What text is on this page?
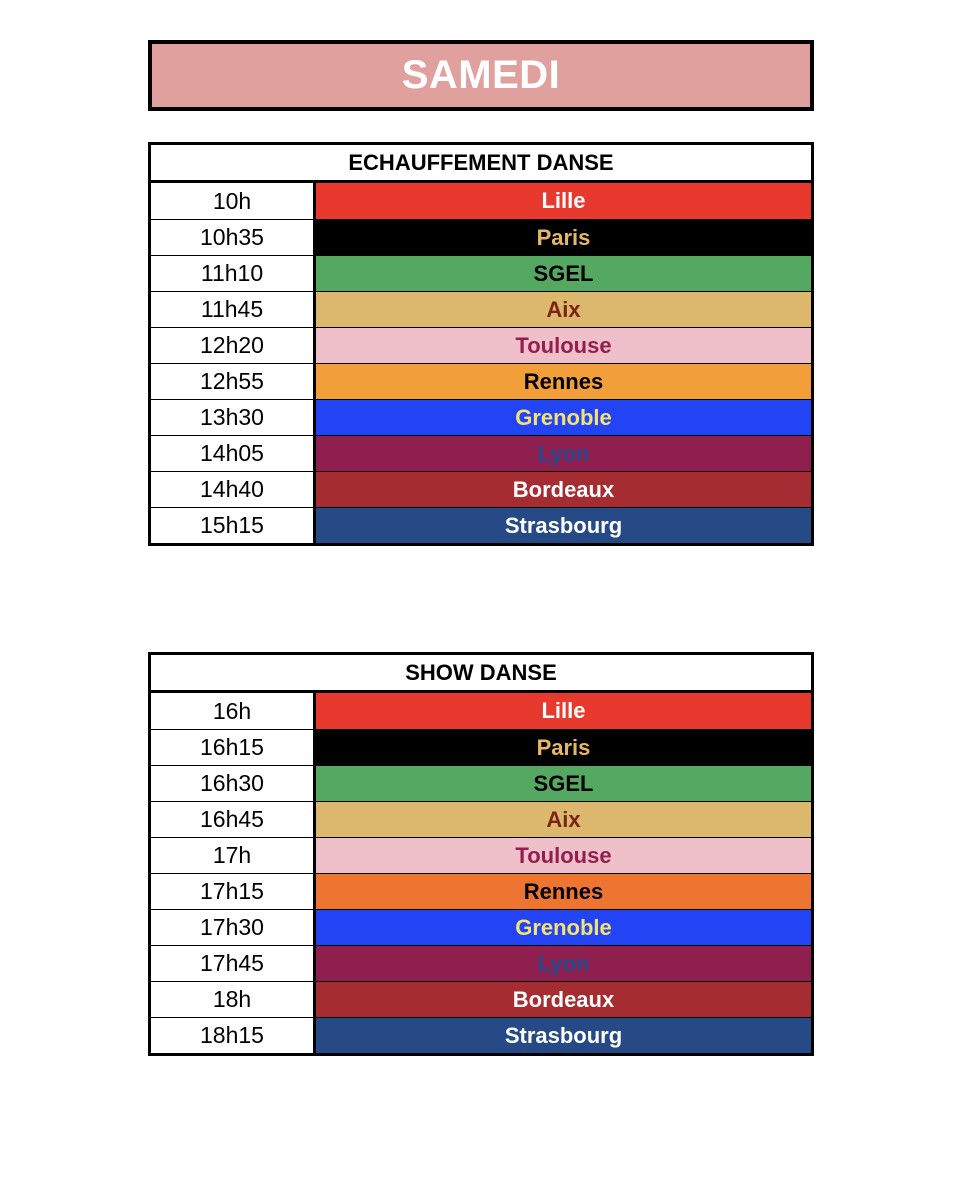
SAMEDI
ECHAUFFEMENT DANSE
10h	Lille
10h35	Paris
11h10	SGEL
11h45	Aix
12h20	Toulouse
12h55	Rennes
13h30	Grenoble
14h05	Lyon
14h40	Bordeaux
15h15	Strasbourg
SHOW DANSE
16h	Lille
16h15	Paris
16h30	SGEL
16h45	Aix
17h	Toulouse
17h15	Rennes
17h30	Grenoble
17h45	Lyon
18h	Bordeaux
18h15	Strasbourg
